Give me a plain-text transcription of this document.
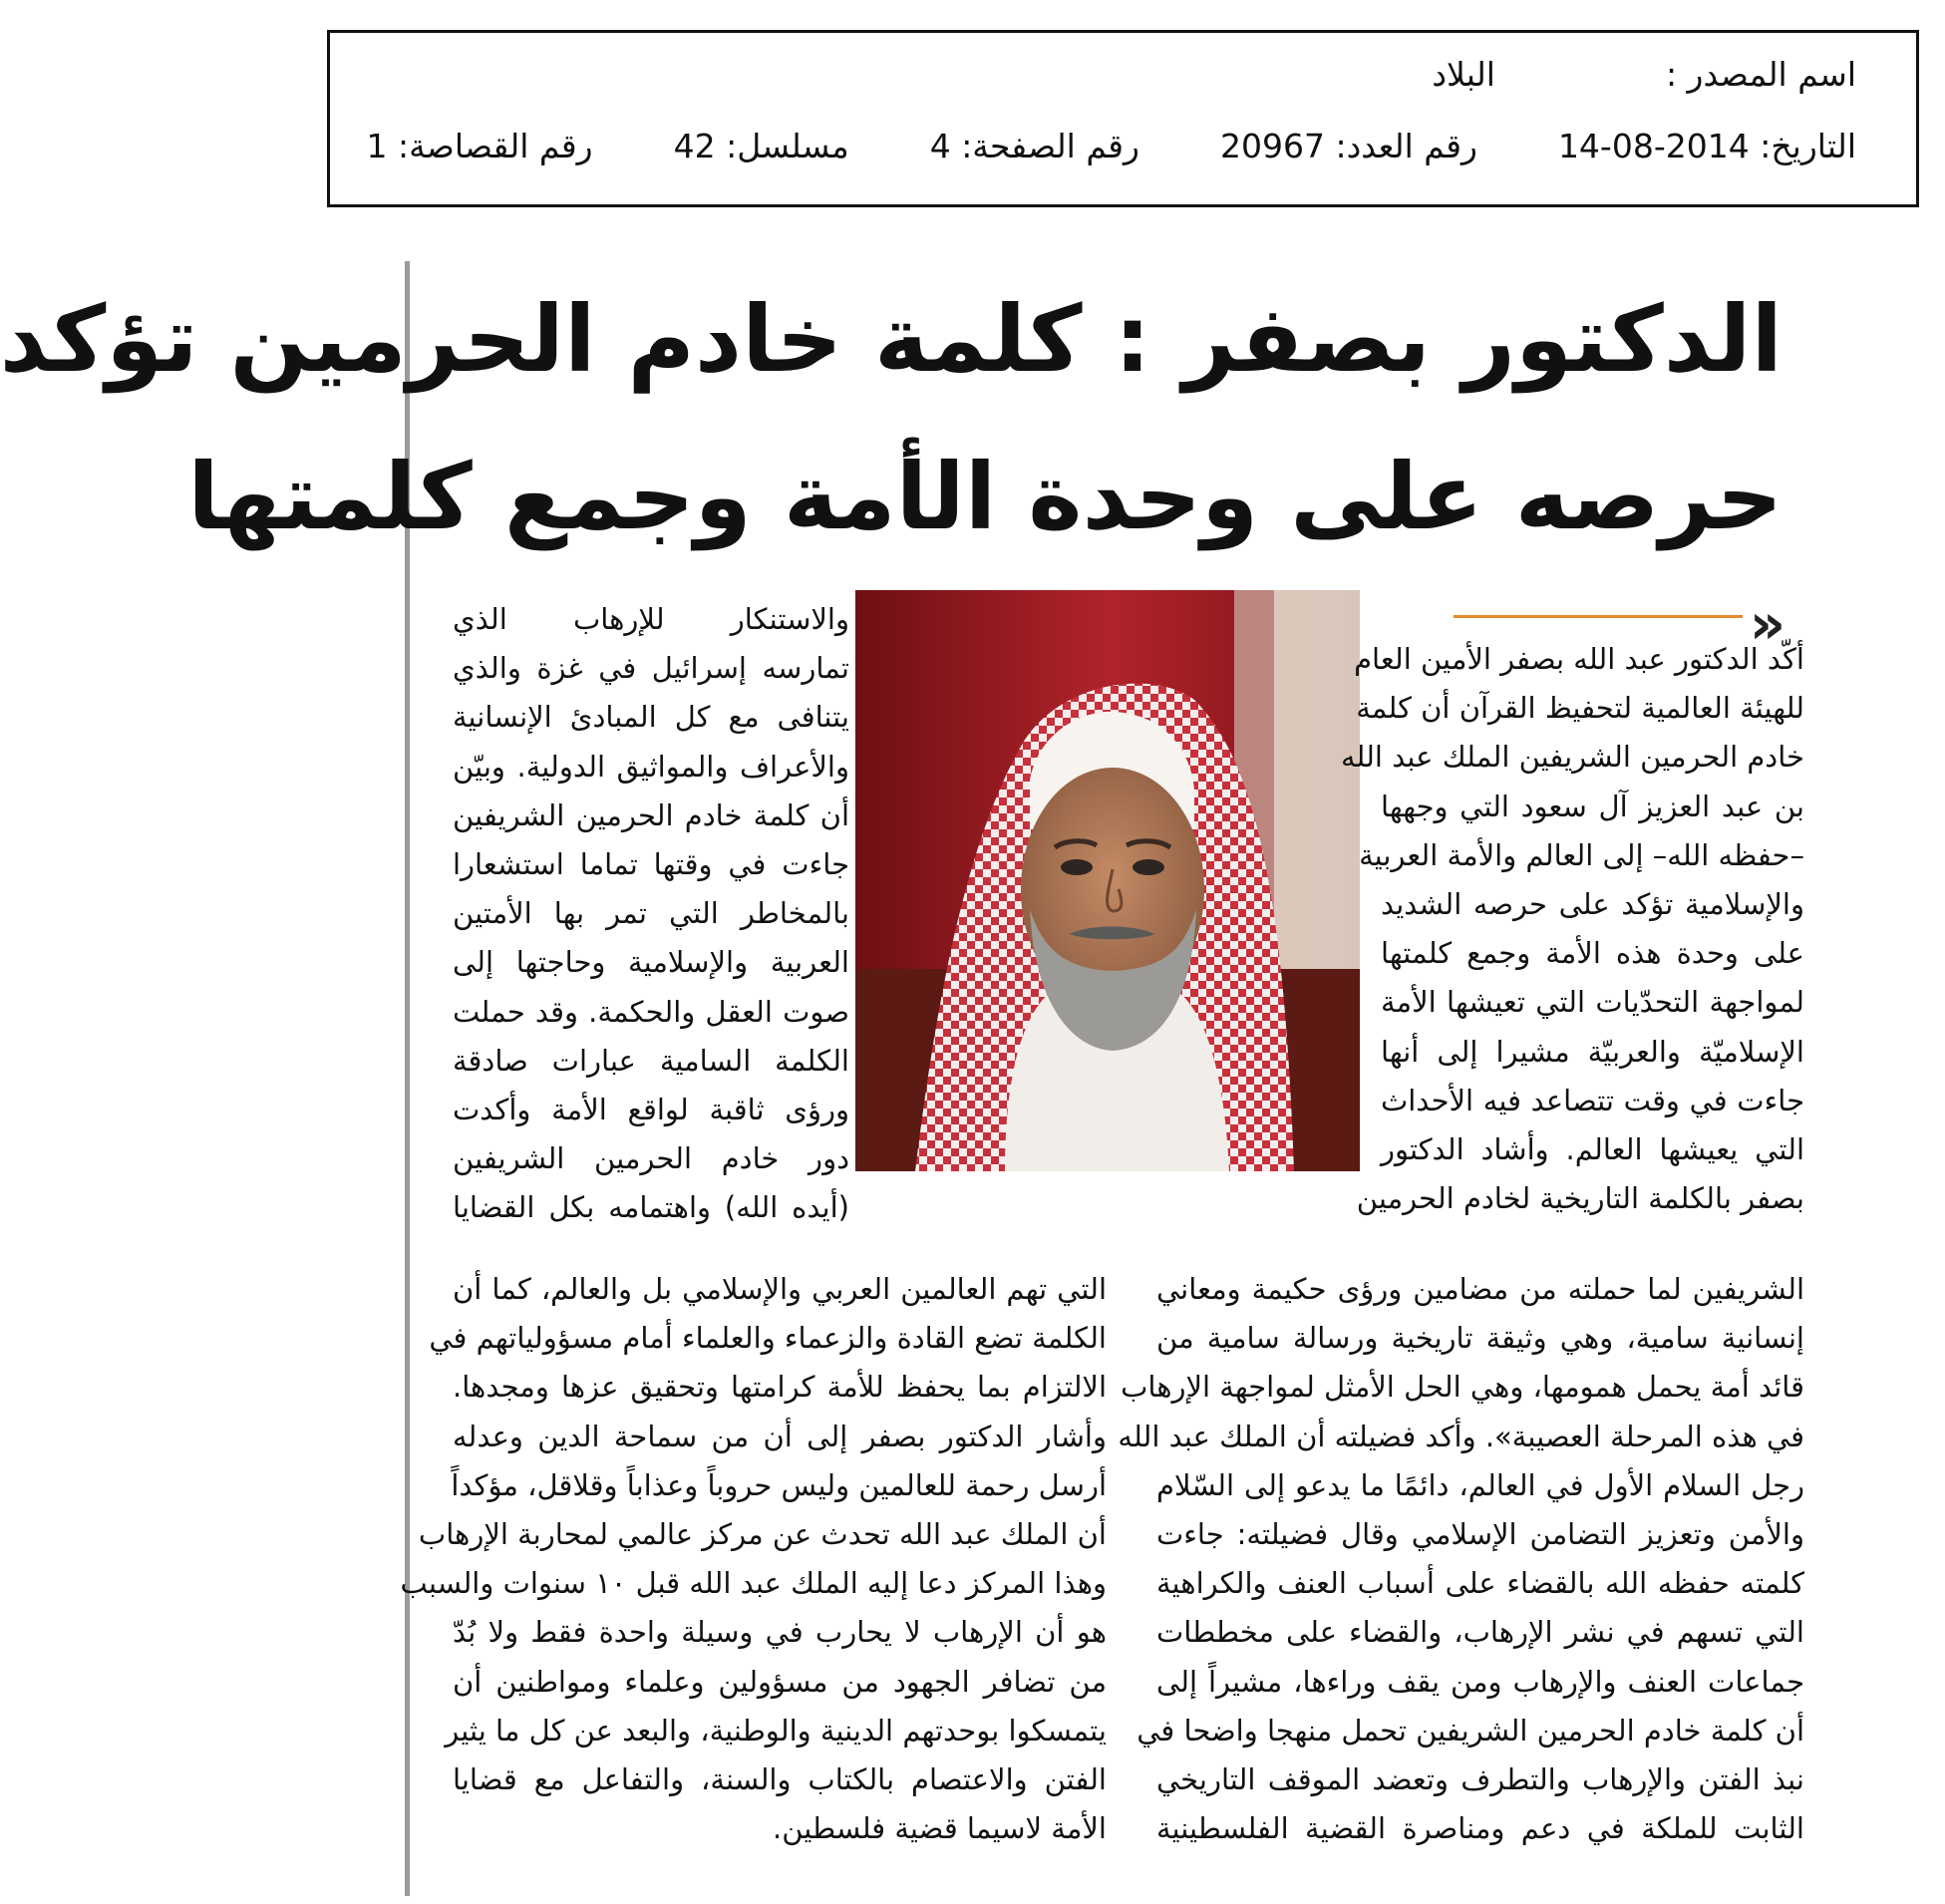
اسم المصدر :  البلاد
التاريخ: 14-08-2014  رقم العدد: 20967  رقم الصفحة: 4  مسلسل: 42  رقم القصاصة: 1
الدكتور بصفر : كلمة خادم الحرمين تؤكد
حرصه على وحدة الأمة وجمع كلمتها
«
أكّد الدكتور عبد الله بصفر الأمين العام
للهيئة العالمية لتحفيظ القرآن أن كلمة
خادم الحرمين الشريفين الملك عبد الله
بن عبد العزيز آل سعود التي وجهها
–حفظه الله– إلى العالم والأمة العربية
والإسلامية تؤكد على حرصه الشديد
على وحدة هذه الأمة وجمع كلمتها
لمواجهة التحدّيات التي تعيشها الأمة
الإسلاميّة والعربيّة مشيرا إلى أنها
جاءت في وقت تتصاعد فيه الأحداث
التي يعيشها العالم. وأشاد الدكتور
بصفر بالكلمة التاريخية لخادم الحرمين
والاستنكار للإرهاب الذي
تمارسه إسرائيل في غزة والذي
يتنافى مع كل المبادئ الإنسانية
والأعراف والمواثيق الدولية. وبيّن
أن كلمة خادم الحرمين الشريفين
جاءت في وقتها تماما استشعارا
بالمخاطر التي تمر بها الأمتين
العربية والإسلامية وحاجتها إلى
صوت العقل والحكمة. وقد حملت
الكلمة السامية عبارات صادقة
ورؤى ثاقبة لواقع الأمة وأكدت
دور خادم الحرمين الشريفين
(أيده الله) واهتمامه بكل القضايا
الشريفين لما حملته من مضامين ورؤى حكيمة ومعاني
إنسانية سامية، وهي وثيقة تاريخية ورسالة سامية من
قائد أمة يحمل همومها، وهي الحل الأمثل لمواجهة الإرهاب
في هذه المرحلة العصيبة». وأكد فضيلته أن الملك عبد الله
رجل السلام الأول في العالم، دائمًا ما يدعو إلى السّلام
والأمن وتعزيز التضامن الإسلامي وقال فضيلته: جاءت
كلمته حفظه الله بالقضاء على أسباب العنف والكراهية
التي تسهم في نشر الإرهاب، والقضاء على مخططات
جماعات العنف والإرهاب ومن يقف وراءها، مشيراً إلى
أن كلمة خادم الحرمين الشريفين تحمل منهجا واضحا في
نبذ الفتن والإرهاب والتطرف وتعضد الموقف التاريخي
الثابت للملكة في دعم ومناصرة القضية الفلسطينية
التي تهم العالمين العربي والإسلامي بل والعالم، كما أن
الكلمة تضع القادة والزعماء والعلماء أمام مسؤولياتهم في
الالتزام بما يحفظ للأمة كرامتها وتحقيق عزها ومجدها.
وأشار الدكتور بصفر إلى أن من سماحة الدين وعدله
أرسل رحمة للعالمين وليس حروباً وعذاباً وقلاقل، مؤكداً
أن الملك عبد الله تحدث عن مركز عالمي لمحاربة الإرهاب
وهذا المركز دعا إليه الملك عبد الله قبل ١٠ سنوات والسبب
هو أن الإرهاب لا يحارب في وسيلة واحدة فقط ولا بُدّ
من تضافر الجهود من مسؤولين وعلماء ومواطنين أن
يتمسكوا بوحدتهم الدينية والوطنية، والبعد عن كل ما يثير
الفتن والاعتصام بالكتاب والسنة، والتفاعل مع قضايا
الأمة لاسيما قضية فلسطين.
